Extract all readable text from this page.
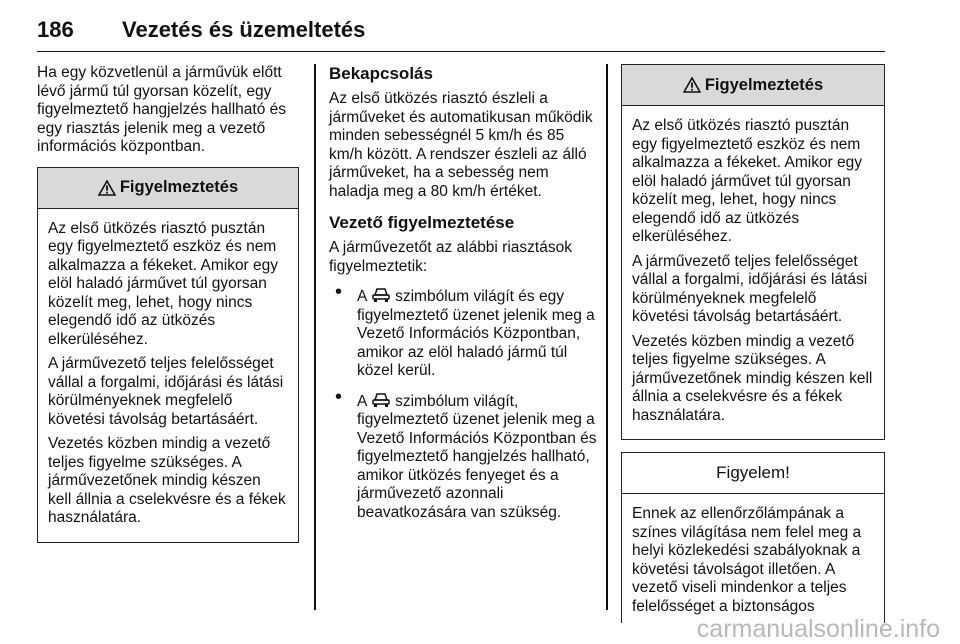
186 Vezetés és üzemeltetés

Ha egy közvetlenül a járművük előtt lévő jármű túl gyorsan közelít, egy figyelmeztető hangjelzés hallható és egy riasztás jelenik meg a vezető információs központban.

Figyelmeztetés

Az első ütközés riasztó pusztán egy figyelmeztető eszköz és nem alkalmazza a fékeket. Amikor egy elöl haladó járművet túl gyorsan közelít meg, lehet, hogy nincs elegendő idő az ütközés elkerüléséhez.

A járművezető teljes felelősséget vállal a forgalmi, időjárási és látási körülményeknek megfelelő követési távolság betartásáért.

Vezetés közben mindig a vezető teljes figyelme szükséges. A járművezetőnek mindig készen kell állnia a cselekvésre és a fékek használatára.

Bekapcsolás

Az első ütközés riasztó észleli a járműveket és automatikusan működik minden sebességnél 5 km/h és 85 km/h között. A rendszer észleli az álló járműveket, ha a sebesség nem haladja meg a 80 km/h értéket.

Vezető figyelmeztetése

A járművezetőt az alábbi riasztások figyelmeztetik:

• A szimbólum világít és egy figyelmeztető üzenet jelenik meg a Vezető Információs Központban, amikor az elöl haladó jármű túl közel kerül.
• A szimbólum világít, figyelmeztető üzenet jelenik meg a Vezető Információs Központban és figyelmeztető hangjelzés hallható, amikor ütközés fenyeget és a járművezető azonnali beavatkozására van szükség.
Figyelmeztetés

Az első ütközés riasztó pusztán egy figyelmeztető eszköz és nem alkalmazza a fékeket. Amikor egy elöl haladó járművet túl gyorsan közelít meg, lehet, hogy nincs elegendő idő az ütközés elkerüléséhez.

A járművezető teljes felelősséget vállal a forgalmi, időjárási és látási körülményeknek megfelelő követési távolság betartásáért.

Vezetés közben mindig a vezető teljes figyelme szükséges. A járművezetőnek mindig készen kell állnia a cselekvésre és a fékek használatára.

Figyelem!

Ennek az ellenőrzőlámpának a színes világítása nem felel meg a helyi közlekedési szabályoknak a követési távolságot illetően. A vezető viseli mindenkor a teljes felelősséget a biztonságos

carmanualsonline.info
